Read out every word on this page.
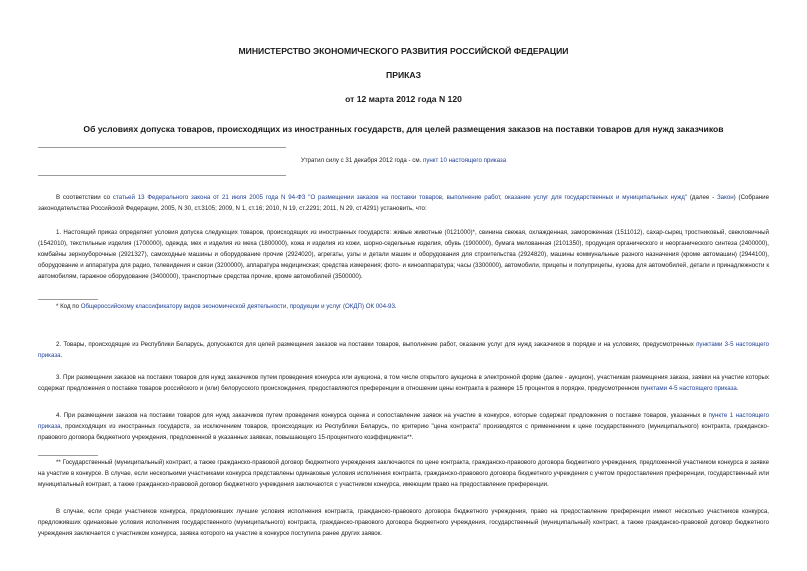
МИНИСТЕРСТВО ЭКОНОМИЧЕСКОГО РАЗВИТИЯ РОССИЙСКОЙ ФЕДЕРАЦИИ
ПРИКАЗ
от 12 марта 2012 года N 120
Об условиях допуска товаров, происходящих из иностранных государств, для целей размещения заказов на поставки товаров для нужд заказчиков
Утратил силу с 31 декабря 2012 года - см. пункт 10 настоящего приказа
В соответствии со статьей 13 Федерального закона от 21 июля 2005 года N 94-ФЗ "О размещении заказов на поставки товаров, выполнение работ, оказание услуг для государственных и муниципальных нужд" (далее - Закон) (Собрание законодательства Российской Федерации, 2005, N 30, ст.3105; 2009, N 1, ст.16; 2010, N 19, ст.2291; 2011, N 29, ст.4291) установить, что:
1. Настоящий приказ определяет условия допуска следующих товаров, происходящих из иностранных государств: живые животные (0121000)*, свинина свежая, охлажденная, замороженная (1511012), сахар-сырец тростниковый, свекловичный (1542010), текстильные изделия (1700000), одежда, мех и изделия из меха (1800000), кожа и изделия из кожи, шорно-седельные изделия, обувь (1900000), бумага мелованная (2101350), продукция органического и неорганического синтеза (2400000), комбайны зерноуборочные (2921327), самоходные машины и оборудование прочие (2924020), агрегаты, узлы и детали машин и оборудования для строительства (2924820), машины коммунальные разного назначения (кроме автомашин) (2944100), оборудование и аппаратура для радио, телевидения и связи (3200000), аппаратура медицинская; средства измерения; фото- и киноаппаратура; часы (3300000), автомобили, прицепы и полуприцепы, кузова для автомобилей, детали и принадлежности к автомобилям, гаражное оборудование (3400000), транспортные средства прочие, кроме автомобилей (3500000).
* Код по Общероссийскому классификатору видов экономической деятельности, продукции и услуг (ОКДП) ОК 004-93.
2. Товары, происходящие из Республики Беларусь, допускаются для целей размещения заказов на поставки товаров, выполнение работ, оказание услуг для нужд заказчиков в порядке и на условиях, предусмотренных пунктами 3-5 настоящего приказа.
3. При размещении заказов на поставки товаров для нужд заказчиков путем проведения конкурса или аукциона, в том числе открытого аукциона в электронной форме (далее - аукцион), участникам размещения заказа, заявки на участие которых содержат предложения о поставке товаров российского и (или) белорусского происхождения, предоставляются преференции в отношении цены контракта в размере 15 процентов в порядке, предусмотренном пунктами 4-5 настоящего приказа.
4. При размещении заказов на поставки товаров для нужд заказчиков путем проведения конкурса оценка и сопоставление заявок на участие в конкурсе, которые содержат предложения о поставке товаров, указанных в пункте 1 настоящего приказа, происходящих из иностранных государств, за исключением товаров, происходящих из Республики Беларусь, по критерию "цена контракта" производятся с применением к цене государственного (муниципального) контракта, гражданско-правового договора бюджетного учреждения, предложенной в указанных заявках, повышающего 15-процентного коэффициента**.
** Государственный (муниципальный) контракт, а также гражданско-правовой договор бюджетного учреждения заключаются по цене контракта, гражданско-правового договора бюджетного учреждения, предложенной участником конкурса в заявке на участие в конкурсе. В случае, если несколькими участниками конкурса представлены одинаковые условия исполнения контракта, гражданско-правового договора бюджетного учреждения с учетом предоставления преференции, государственный или муниципальный контракт, а также гражданско-правовой договор бюджетного учреждения заключаются с участником конкурса, имеющим право на предоставление преференции.
В случае, если среди участников конкурса, предложивших лучшие условия исполнения контракта, гражданско-правового договора бюджетного учреждения, право на предоставление преференции имеют несколько участников конкурса, предложивших одинаковые условия исполнения государственного (муниципального) контракта, гражданско-правового договора бюджетного учреждения, государственный (муниципальный) контракт, а также гражданско-правовой договор бюджетного учреждения заключается с участником конкурса, заявка которого на участие в конкурсе поступила ранее других заявок.
